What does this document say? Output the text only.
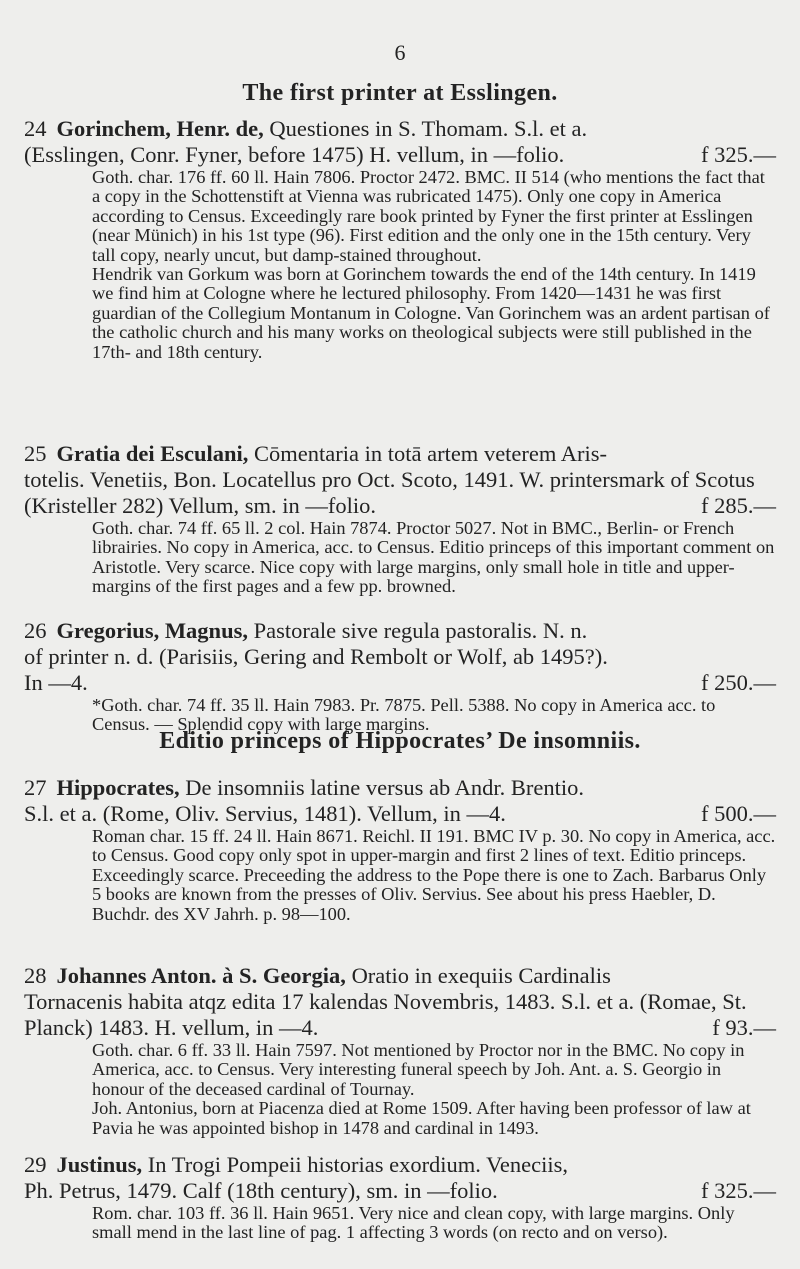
6
The first printer at Esslingen.

24 Gorinchem, Henr. de, Questiones in S. Thomam. S.l. et a.
(Esslingen, Conr. Fyner, before 1475) H. vellum, in —folio.	f 325.—

Goth. char. 176 ff. 60 ll. Hain 7806. Proctor 2472. BMC. II 514 (who mentions the fact that a copy in the Schottenstift at Vienna was rubricated 1475). Only one copy in America according to Census. Exceedingly rare book printed by Fyner the first printer at Esslingen (near Münich) in his 1st type (96). First edition and the only one in the 15th century. Very tall copy, nearly uncut, but damp-stained throughout.

Hendrik van Gorkum was born at Gorinchem towards the end of the 14th century. In 1419 we find him at Cologne where he lectured philosophy. From 1420—1431 he was first guardian of the Collegium Montanum in Cologne. Van Gorinchem was an ardent partisan of the catholic church and his many works on theological subjects were still published in the 17th- and 18th century.

25 Gratia dei Esculani, Cōmentaria in totā artem veterem Aris-
totelis. Venetiis, Bon. Locatellus pro Oct. Scoto, 1491. W. printersmark of Scotus (Kristeller 282) Vellum, sm. in —folio.	f 285.—

Goth. char. 74 ff. 65 ll. 2 col. Hain 7874. Proctor 5027. Not in BMC., Berlin- or French librairies. No copy in America, acc. to Census. Editio princeps of this important comment on Aristotle. Very scarce. Nice copy with large margins, only small hole in title and upper-margins of the first pages and a few pp. browned.

26 Gregorius, Magnus, Pastorale sive regula pastoralis. N. n.
of printer n. d. (Parisiis, Gering and Rembolt or Wolf, ab 1495?).
In —4.	f 250.—

*Goth. char. 74 ff. 35 ll. Hain 7983. Pr. 7875. Pell. 5388. No copy in America acc. to Census. — Splendid copy with large margins.

Editio princeps of Hippocrates’ De insomniis.

27 Hippocrates, De insomniis latine versus ab Andr. Brentio.
S.l. et a. (Rome, Oliv. Servius, 1481). Vellum, in —4.	f 500.—

Roman char. 15 ff. 24 ll. Hain 8671. Reichl. II 191. BMC IV p. 30. No copy in America, acc. to Census. Good copy only spot in upper-margin and first 2 lines of text. Editio princeps. Exceedingly scarce. Preceeding the address to the Pope there is one to Zach. Barbarus Only 5 books are known from the presses of Oliv. Servius. See about his press Haebler, D. Buchdr. des XV Jahrh. p. 98—100.

28 Johannes Anton. à S. Georgia, Oratio in exequiis Cardinalis
Tornacenis habita atqz edita 17 kalendas Novembris, 1483. S.l. et a. (Romae, St. Planck) 1483. H. vellum, in —4.	f 93.—

Goth. char. 6 ff. 33 ll. Hain 7597. Not mentioned by Proctor nor in the BMC. No copy in America, acc. to Census. Very interesting funeral speech by Joh. Ant. a. S. Georgio in honour of the deceased cardinal of Tournay.

Joh. Antonius, born at Piacenza died at Rome 1509. After having been professor of law at Pavia he was appointed bishop in 1478 and cardinal in 1493.

29 Justinus, In Trogi Pompeii historias exordium. Veneciis,
Ph. Petrus, 1479. Calf (18th century), sm. in —folio.	f 325.—

Rom. char. 103 ff. 36 ll. Hain 9651. Very nice and clean copy, with large margins. Only small mend in the last line of pag. 1 affecting 3 words (on recto and on verso).
